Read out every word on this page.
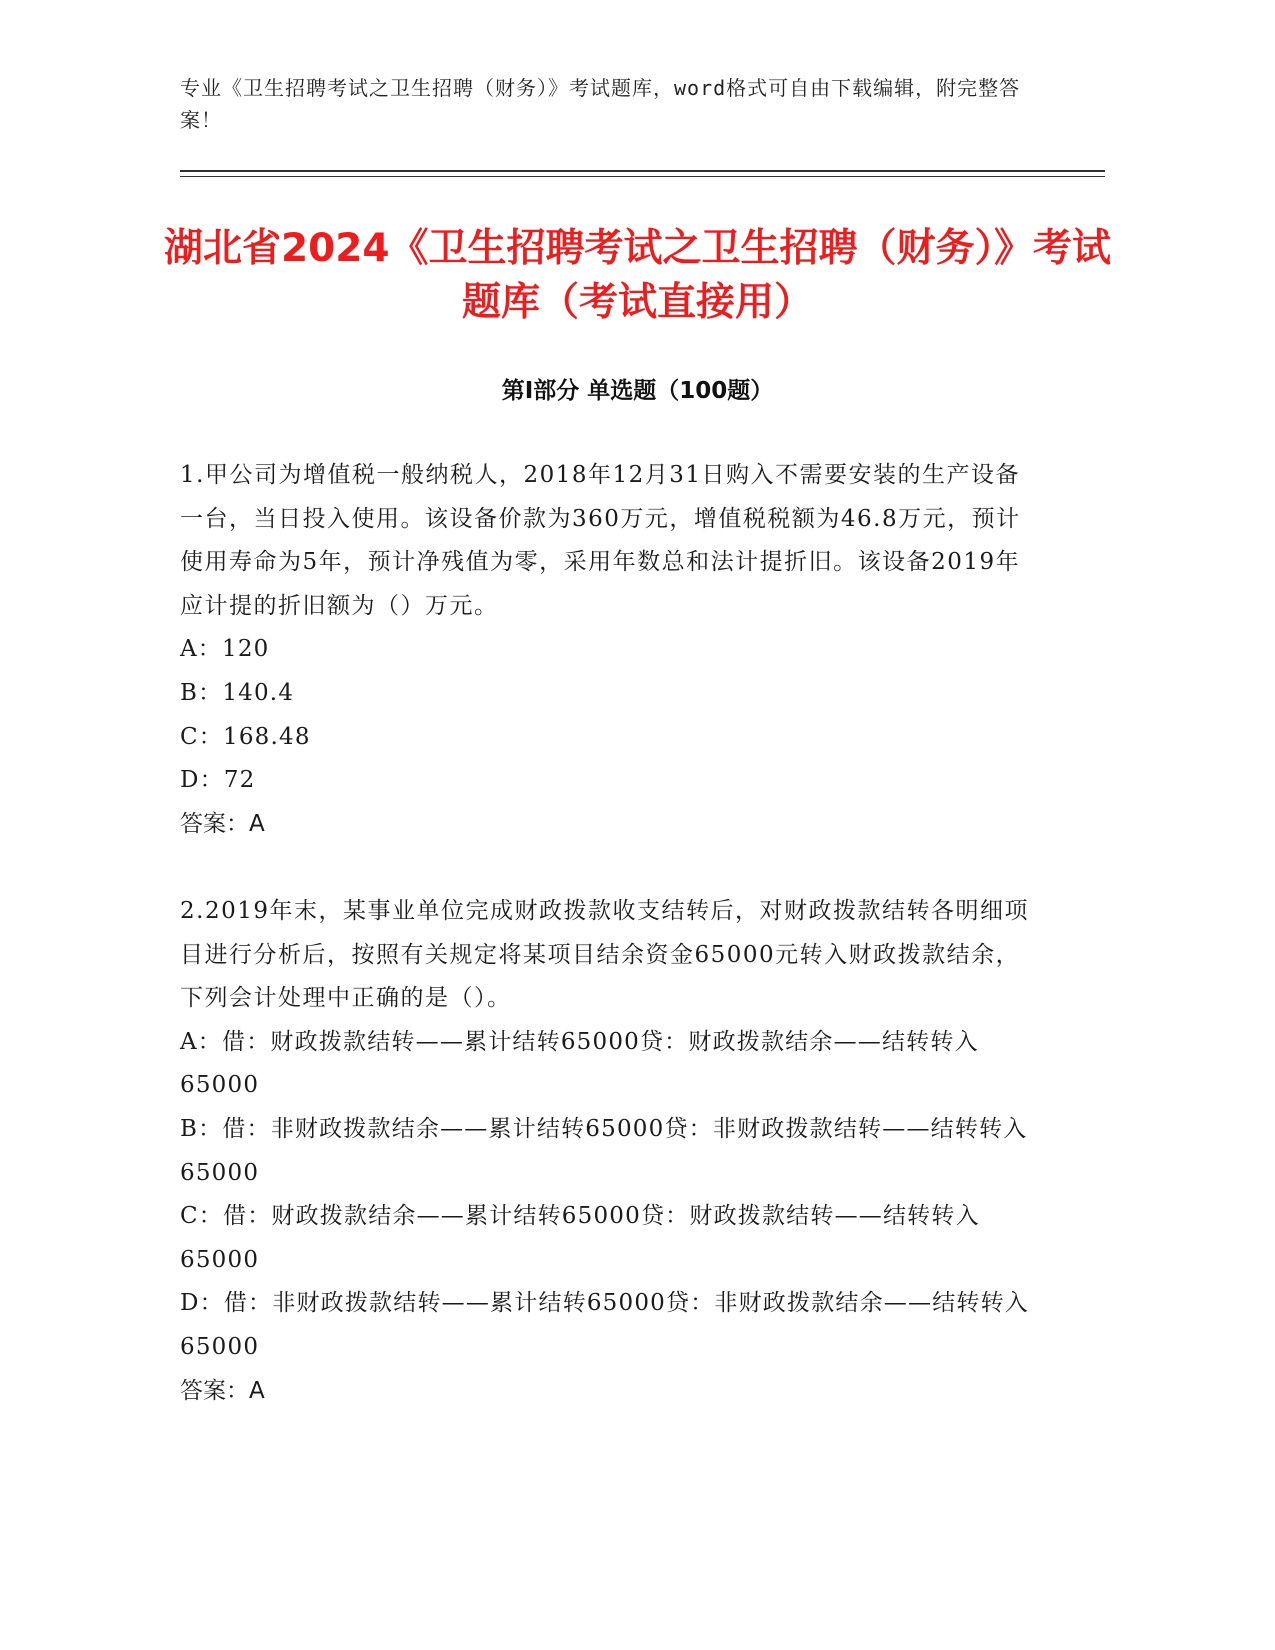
专业《卫生招聘考试之卫生招聘（财务）》考试题库，word格式可自由下载编辑，附完整答案！
湖北省2024《卫生招聘考试之卫生招聘（财务）》考试题库（考试直接用）
第I部分 单选题（100题）

1.甲公司为增值税一般纳税人，2018年12月31日购入不需要安装的生产设备一台，当日投入使用。该设备价款为360万元，增值税税额为46.8万元，预计使用寿命为5年，预计净残值为零，采用年数总和法计提折旧。该设备2019年应计提的折旧额为（）万元。

A：120

B：140.4

C：168.48

D：72

答案：A

2.2019年末，某事业单位完成财政拨款收支结转后，对财政拨款结转各明细项目进行分析后，按照有关规定将某项目结余资金65000元转入财政拨款结余，下列会计处理中正确的是（）。

A：借：财政拨款结转——累计结转65000贷：财政拨款结余——结转转入65000

B：借：非财政拨款结余——累计结转65000贷：非财政拨款结转——结转转入65000

C：借：财政拨款结余——累计结转65000贷：财政拨款结转——结转转入65000

D：借：非财政拨款结转——累计结转65000贷：非财政拨款结余——结转转入65000

答案：A
